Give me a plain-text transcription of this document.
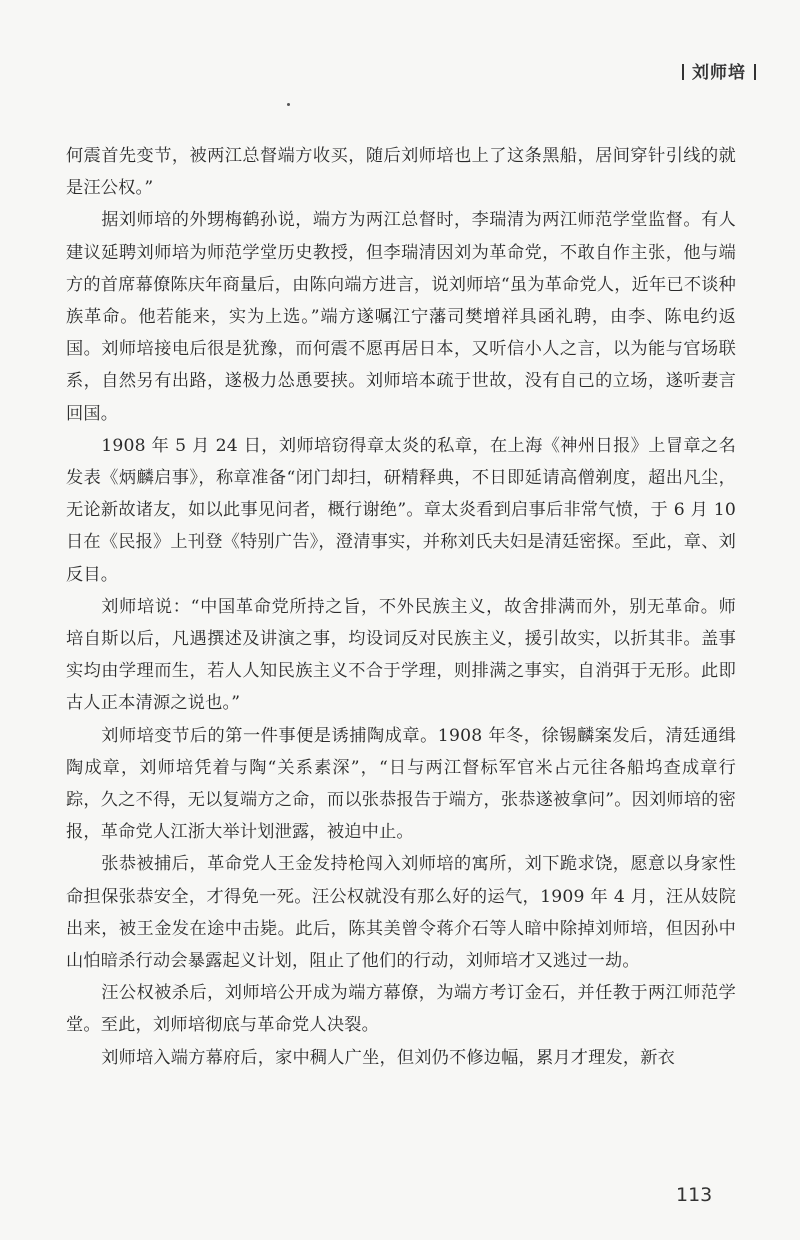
刘师培

何震首先变节，被两江总督端方收买，随后刘师培也上了这条黑船，居间穿针引线的就是汪公权。”

据刘师培的外甥梅鹤孙说，端方为两江总督时，李瑞清为两江师范学堂监督。有人建议延聘刘师培为师范学堂历史教授，但李瑞清因刘为革命党，不敢自作主张，他与端方的首席幕僚陈庆年商量后，由陈向端方进言，说刘师培“虽为革命党人，近年已不谈种族革命。他若能来，实为上选。”端方遂嘱江宁藩司樊增祥具函礼聘，由李、陈电约返国。刘师培接电后很是犹豫，而何震不愿再居日本，又听信小人之言，以为能与官场联系，自然另有出路，遂极力怂恿要挟。刘师培本疏于世故，没有自己的立场，遂听妻言回国。

1908 年 5 月 24 日，刘师培窃得章太炎的私章，在上海《神州日报》上冒章之名发表《炳麟启事》，称章准备“闭门却扫，研精释典，不日即延请高僧剃度，超出凡尘，无论新故诸友，如以此事见问者，概行谢绝”。章太炎看到启事后非常气愤，于 6 月 10 日在《民报》上刊登《特别广告》，澄清事实，并称刘氏夫妇是清廷密探。至此，章、刘反目。

刘师培说：“中国革命党所持之旨，不外民族主义，故舍排满而外，别无革命。师培自斯以后，凡遇撰述及讲演之事，均设词反对民族主义，援引故实，以折其非。盖事实均由学理而生，若人人知民族主义不合于学理，则排满之事实，自消弭于无形。此即古人正本清源之说也。”

刘师培变节后的第一件事便是诱捕陶成章。1908 年冬，徐锡麟案发后，清廷通缉陶成章，刘师培凭着与陶“关系素深”，“日与两江督标军官米占元往各船坞查成章行踪，久之不得，无以复端方之命，而以张恭报告于端方，张恭遂被拿问”。因刘师培的密报，革命党人江浙大举计划泄露，被迫中止。

张恭被捕后，革命党人王金发持枪闯入刘师培的寓所，刘下跪求饶，愿意以身家性命担保张恭安全，才得免一死。汪公权就没有那么好的运气，1909 年 4 月，汪从妓院出来，被王金发在途中击毙。此后，陈其美曾令蒋介石等人暗中除掉刘师培，但因孙中山怕暗杀行动会暴露起义计划，阻止了他们的行动，刘师培才又逃过一劫。

汪公权被杀后，刘师培公开成为端方幕僚，为端方考订金石，并任教于两江师范学堂。至此，刘师培彻底与革命党人决裂。

刘师培入端方幕府后，家中稠人广坐，但刘仍不修边幅，累月才理发，新衣

113
